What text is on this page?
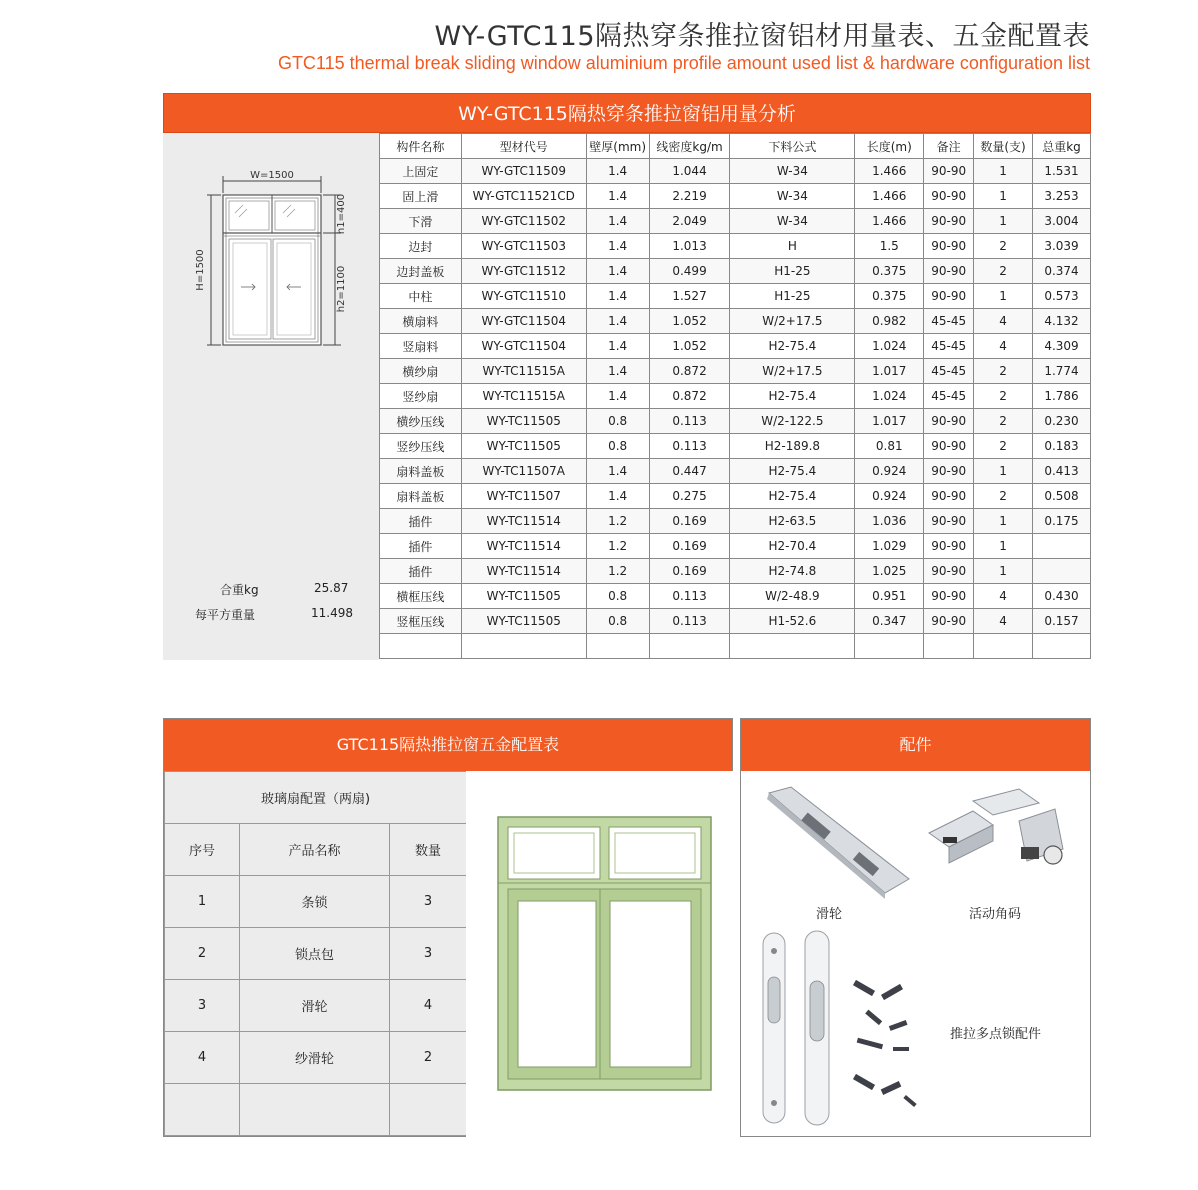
WY-GTC115隔热穿条推拉窗铝材用量表、五金配置表
GTC115 thermal break sliding window aluminium profile amount used list & hardware configuration list
WY-GTC115隔热穿条推拉窗铝用量分析
W=1500
H=1500
h1=400
h2=1100
合重kg	25.87
每平方重量	11.498
构件名称	型材代号	壁厚(mm)	线密度kg/m	下料公式	长度(m)	备注	数量(支)	总重kg
上固定	WY-GTC11509	1.4	1.044	W-34	1.466	90-90	1	1.531
固上滑	WY-GTC11521CD	1.4	2.219	W-34	1.466	90-90	1	3.253
下滑	WY-GTC11502	1.4	2.049	W-34	1.466	90-90	1	3.004
边封	WY-GTC11503	1.4	1.013	H	1.5	90-90	2	3.039
边封盖板	WY-GTC11512	1.4	0.499	H1-25	0.375	90-90	2	0.374
中柱	WY-GTC11510	1.4	1.527	H1-25	0.375	90-90	1	0.573
横扇料	WY-GTC11504	1.4	1.052	W/2+17.5	0.982	45-45	4	4.132
竖扇料	WY-GTC11504	1.4	1.052	H2-75.4	1.024	45-45	4	4.309
横纱扇	WY-TC11515A	1.4	0.872	W/2+17.5	1.017	45-45	2	1.774
竖纱扇	WY-TC11515A	1.4	0.872	H2-75.4	1.024	45-45	2	1.786
横纱压线	WY-TC11505	0.8	0.113	W/2-122.5	1.017	90-90	2	0.230
竖纱压线	WY-TC11505	0.8	0.113	H2-189.8	0.81	90-90	2	0.183
扇料盖板	WY-TC11507A	1.4	0.447	H2-75.4	0.924	90-90	1	0.413
扇料盖板	WY-TC11507	1.4	0.275	H2-75.4	0.924	90-90	2	0.508
插件	WY-TC11514	1.2	0.169	H2-63.5	1.036	90-90	1	0.175
插件	WY-TC11514	1.2	0.169	H2-70.4	1.029	90-90	1	
插件	WY-TC11514	1.2	0.169	H2-74.8	1.025	90-90	1	
横框压线	WY-TC11505	0.8	0.113	W/2-48.9	0.951	90-90	4	0.430
竖框压线	WY-TC11505	0.8	0.113	H1-52.6	0.347	90-90	4	0.157

GTC115隔热推拉窗五金配置表
玻璃扇配置（两扇)		
序号	产品名称	数量
1	条锁	3
2	锁点包	3
3	滑轮	4
4	纱滑轮	2

配件
滑轮	活动角码
推拉多点锁配件
